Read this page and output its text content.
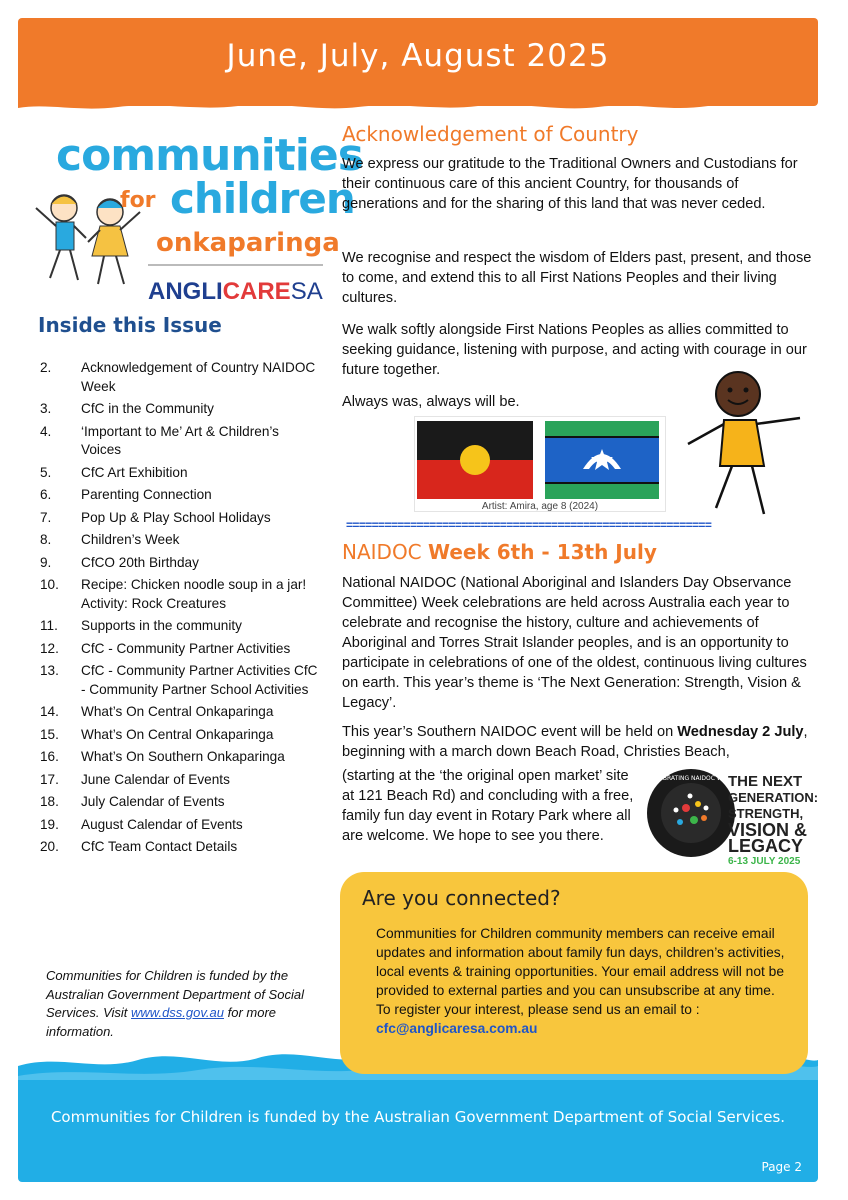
June, July, August 2025
communities
for children
onkaparinga
ANGLICARESA
Inside this Issue
2.	Acknowledgement of Country NAIDOC Week
3.	CfC in the Community
4.	‘Important to Me’ Art & Children’s Voices
5.	CfC Art Exhibition
6.	Parenting Connection
7.	Pop Up & Play School Holidays
8.	Children’s Week
9.	CfCO 20th Birthday
10.	Recipe: Chicken noodle soup in a jar! Activity: Rock Creatures
11.	Supports in the community
12.	CfC - Community Partner Activities
13.	CfC - Community Partner Activities CfC - Community Partner School Activities
14.	What’s On Central Onkaparinga
15.	What’s On Central Onkaparinga
16.	What’s On Southern Onkaparinga
17.	June Calendar of Events
18.	July Calendar of Events
19.	August Calendar of Events
20.	CfC Team Contact Details
Communities for Children is funded by the Australian Government Department of Social Services. Visit www.dss.gov.au for more information.
Acknowledgement of Country
We express our gratitude to the Traditional Owners and Custodians for their continuous care of this ancient Country, for thousands of generations and for the sharing of this land that was never ceded.
We recognise and respect the wisdom of Elders past, present, and those to come, and extend this to all First Nations Peoples and their living cultures.
We walk softly alongside First Nations Peoples as allies committed to seeking guidance, listening with purpose, and acting with courage in our future together.
Always was, always will be.
Artist: Amira, age 8 (2024)
=========================================================
NAIDOC Week 6th - 13th July
National NAIDOC (National Aboriginal and Islanders Day Observance Committee) Week celebrations are held across Australia each year to celebrate and recognise the history, culture and achievements of Aboriginal and Torres Strait Islander peoples, and is an opportunity to participate in celebrations of one of the oldest, continuous living cultures on earth. This year’s theme is ‘The Next Generation: Strength, Vision & Legacy’.
This year’s Southern NAIDOC event will be held on Wednesday 2 July, beginning with a march down Beach Road, Christies Beach,
(starting at the ‘the original open market’ site at 121 Beach Rd) and concluding with a free, family fun day event in Rotary Park where all are welcome. We hope to see you there.
CELEBRATING NAIDOC WEEK
THE NEXT
GENERATION: STRENGTH,
VISION & LEGACY
6-13 JULY 2025
Communities for Children is funded by the Australian Government Department of Social Services.
Page 2
Are you connected?
Communities for Children community members can receive email updates and information about family fun days, children’s activities, local events & training opportunities. Your email address will not be provided to external parties and you can unsubscribe at any time.
To register your interest, please send us an email to :
cfc@anglicaresa.com.au
